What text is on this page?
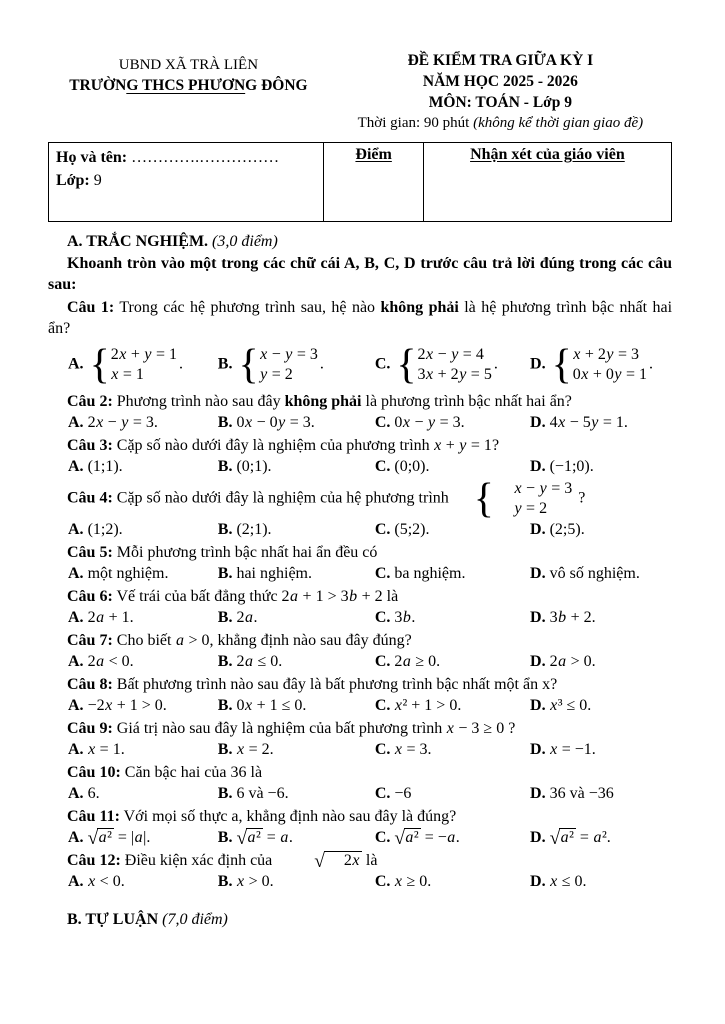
UBND XÃ TRÀ LIÊN
TRƯỜNG THCS PHƯƠNG ĐÔNG
ĐỀ KIỂM TRA GIỮA KỲ I
NĂM HỌC 2025 - 2026
MÔN: TOÁN - Lớp 9
Thời gian: 90 phút (không kể thời gian giao đề)
Họ và tên: ………….……………
Lớp: 9
	Điểm	Nhận xét của giáo viên

A. TRẮC NGHIỆM. (3,0 điểm)

Khoanh tròn vào một trong các chữ cái A, B, C, D trước câu trả lời đúng trong các câu sau:

Câu 1: Trong các hệ phương trình sau, hệ nào không phải là hệ phương trình bậc nhất hai ẩn?

A. { 2x + y = 1
x = 1
.	B. { x − y = 3
y = 2
.	C. { 2x − y = 4
3x + 2y = 5
.	D. { x + 2y = 3
0x + 0y = 1
.

Câu 2: Phương trình nào sau đây không phải là phương trình bậc nhất hai ẩn?

A. 2x − y = 3.	B. 0x − 0y = 3.	C. 0x − y = 3.	D. 4x − 5y = 1.

Câu 3: Cặp số nào dưới đây là nghiệm của phương trình x + y = 1?

A. (1;1).	B. (0;1).	C. (0;0).	D. (−1;0).

Câu 4: Cặp số nào dưới đây là nghiệm của hệ phương trình {	x − y = 3
y = 2
?

A. (1;2).	B. (2;1).	C. (5;2).	D. (2;5).

Câu 5: Mỗi phương trình bậc nhất hai ẩn đều có

A. một nghiệm.	B. hai nghiệm.	C. ba nghiệm.	D. vô số nghiệm.

Câu 6: Vế trái của bất đẳng thức 2a + 1 > 3b + 2 là

A. 2a + 1.	B. 2a.	C. 3b.	D. 3b + 2.

Câu 7: Cho biết a > 0, khẳng định nào sau đây đúng?

A. 2a < 0.	B. 2a ≤ 0.	C. 2a ≥ 0.	D. 2a > 0.

Câu 8: Bất phương trình nào sau đây là bất phương trình bậc nhất một ẩn x?

A. −2x + 1 > 0.	B. 0x + 1 ≤ 0.	C. x² + 1 > 0.	D. x³ ≤ 0.

Câu 9: Giá trị nào sau đây là nghiệm của bất phương trình x − 3 ≥ 0 ?

A. x = 1.	B. x = 2.	C. x = 3.	D. x = −1.

Câu 10: Căn bậc hai của 36 là

A. 6.	B. 6 và −6.	C. −6	D. 36 và −36

Câu 11: Với mọi số thực a, khẳng định nào sau đây là đúng?

A. √a² = |a|.	B. √a² = a.	C. √a² = −a.	D. √a² = a².

Câu 12: Điều kiện xác định của √ 2x là

A. x < 0.	B. x > 0.	C. x ≥ 0.	D. x ≤ 0.

B. TỰ LUẬN (7,0 điểm)
